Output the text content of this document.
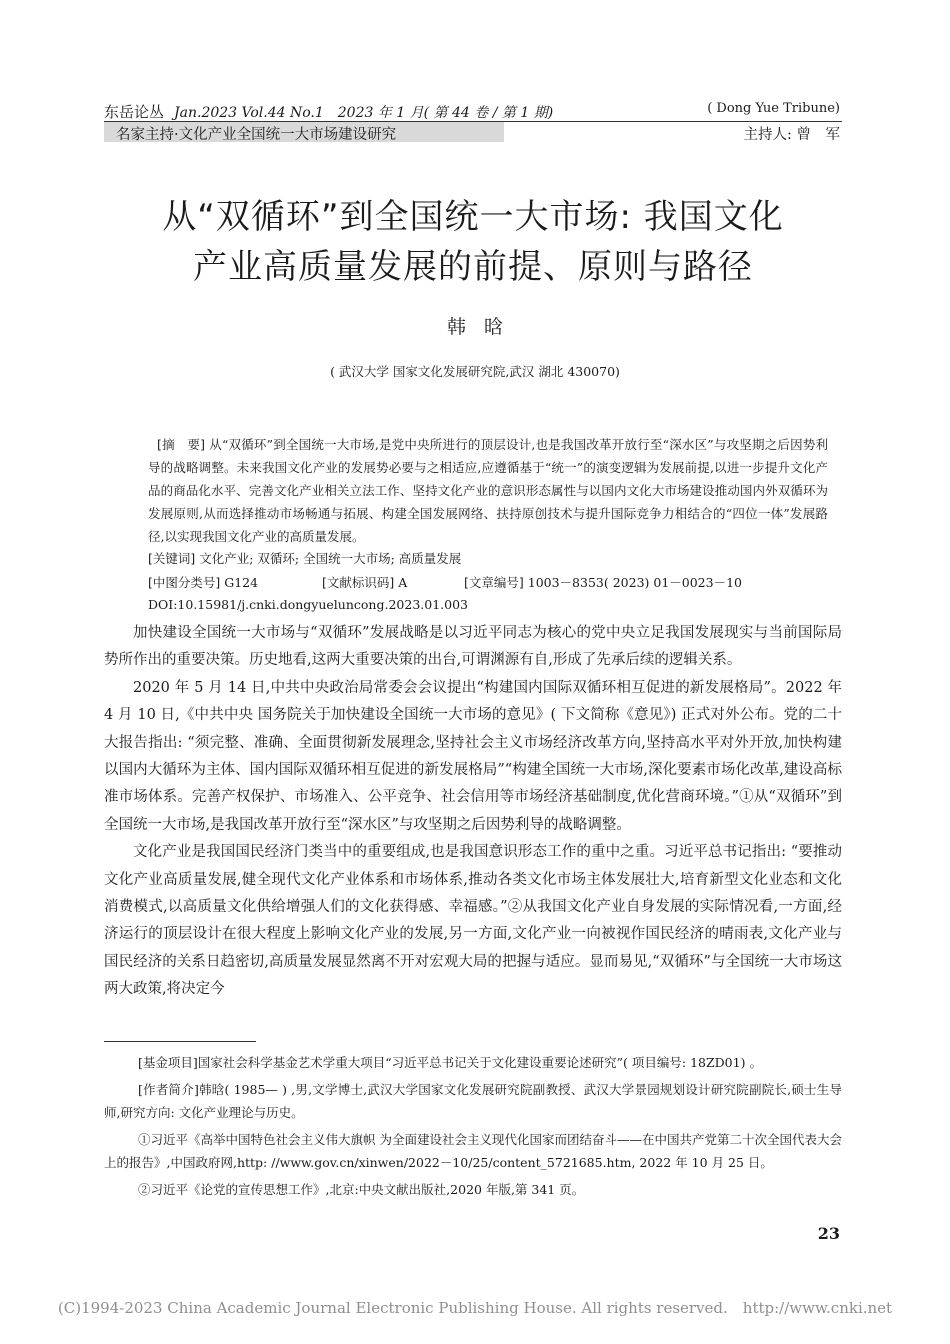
东岳论丛 Jan.2023 Vol.44 No.1　2023 年 1 月( 第 44 卷 / 第 1 期)	( Dong Yue Tribune)
名家主持·文化产业全国统一大市场建设研究	主持人: 曾　军
从“双循环”到全国统一大市场: 我国文化
产业高质量发展的前提、原则与路径
韩晗
( 武汉大学 国家文化发展研究院,武汉 湖北 430070)
[摘　要] 从“双循环”到全国统一大市场,是党中央所进行的顶层设计,也是我国改革开放行至“深水区”与攻坚期之后因势利导的战略调整。未来我国文化产业的发展势必要与之相适应,应遵循基于“统一”的演变逻辑为发展前提,以进一步提升文化产品的商品化水平、完善文化产业相关立法工作、坚持文化产业的意识形态属性与以国内文化大市场建设推动国内外双循环为发展原则,从而选择推动市场畅通与拓展、构建全国发展网络、扶持原创技术与提升国际竞争力相结合的“四位一体”发展路径,以实现我国文化产业的高质量发展。
[关键词] 文化产业; 双循环; 全国统一大市场; 高质量发展
[中图分类号] G124	[文献标识码] A	[文章编号] 1003－8353( 2023) 01－0023－10
DOI:10.15981/j.cnki.dongyueluncong.2023.01.003

加快建设全国统一大市场与“双循环”发展战略是以习近平同志为核心的党中央立足我国发展现实与当前国际局势所作出的重要决策。历史地看,这两大重要决策的出台,可谓渊源有自,形成了先承后续的逻辑关系。

2020 年 5 月 14 日,中共中央政治局常委会会议提出“构建国内国际双循环相互促进的新发展格局”。2022 年 4 月 10 日,《中共中央 国务院关于加快建设全国统一大市场的意见》( 下文简称《意见》) 正式对外公布。党的二十大报告指出: “须完整、准确、全面贯彻新发展理念,坚持社会主义市场经济改革方向,坚持高水平对外开放,加快构建以国内大循环为主体、国内国际双循环相互促进的新发展格局”“构建全国统一大市场,深化要素市场化改革,建设高标准市场体系。完善产权保护、市场准入、公平竞争、社会信用等市场经济基础制度,优化营商环境。”①从“双循环”到全国统一大市场,是我国改革开放行至“深水区”与攻坚期之后因势利导的战略调整。

文化产业是我国国民经济门类当中的重要组成,也是我国意识形态工作的重中之重。习近平总书记指出: “要推动文化产业高质量发展,健全现代文化产业体系和市场体系,推动各类文化市场主体发展壮大,培育新型文化业态和文化消费模式,以高质量文化供给增强人们的文化获得感、幸福感。”②从我国文化产业自身发展的实际情况看,一方面,经济运行的顶层设计在很大程度上影响文化产业的发展,另一方面,文化产业一向被视作国民经济的晴雨表,文化产业与国民经济的关系日趋密切,高质量发展显然离不开对宏观大局的把握与适应。显而易见,“双循环”与全国统一大市场这两大政策,将决定今

[基金项目]国家社会科学基金艺术学重大项目“习近平总书记关于文化建设重要论述研究”( 项目编号: 18ZD01) 。

[作者简介]韩晗( 1985— ) ,男,文学博士,武汉大学国家文化发展研究院副教授、武汉大学景园规划设计研究院副院长,硕士生导师,研究方向: 文化产业理论与历史。

①习近平《高举中国特色社会主义伟大旗帜 为全面建设社会主义现代化国家而团结奋斗——在中国共产党第二十次全国代表大会上的报告》,中国政府网,http: //www.gov.cn/xinwen/2022－10/25/content_5721685.htm, 2022 年 10 月 25 日。

②习近平《论党的宣传思想工作》,北京:中央文献出版社,2020 年版,第 341 页。

23
(C)1994-2023 China Academic Journal Electronic Publishing House. All rights reserved.　http://www.cnki.net
